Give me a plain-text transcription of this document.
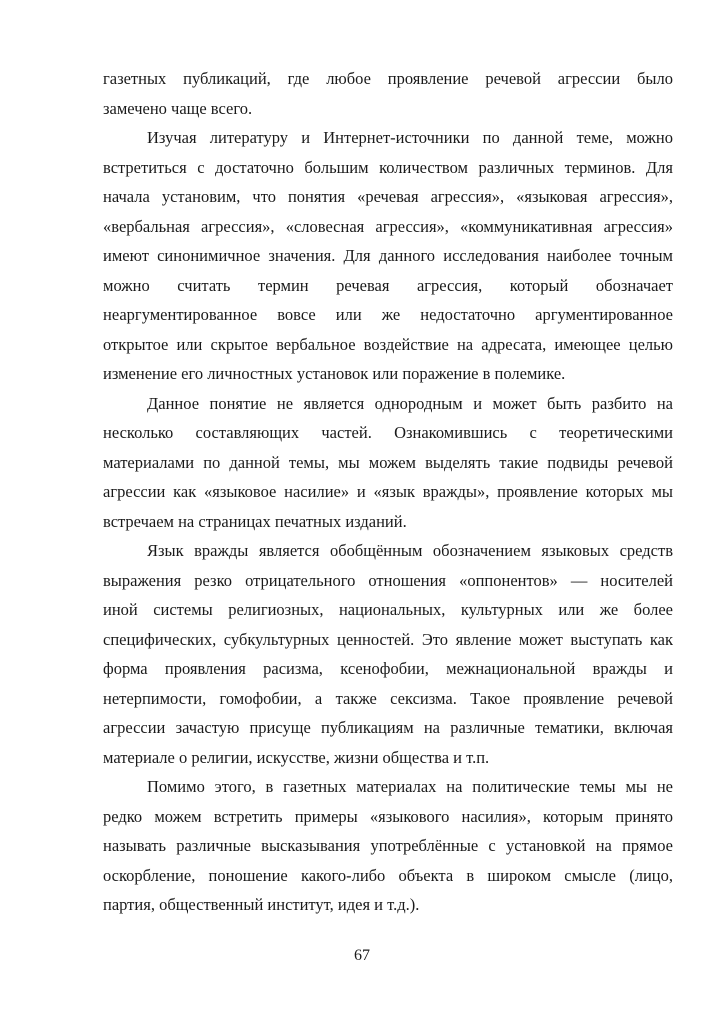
газетных публикаций, где любое проявление речевой агрессии было
замечено чаще всего.
Изучая литературу и Интернет-источники по данной теме, можно
встретиться с достаточно большим количеством различных терминов. Для
начала установим, что понятия «речевая агрессия», «языковая агрессия»,
«вербальная агрессия», «словесная агрессия», «коммуникативная агрессия»
имеют синонимичное значения. Для данного исследования наиболее точным
можно считать термин речевая агрессия, который обозначает
неаргументированное вовсе или же недостаточно аргументированное
открытое или скрытое вербальное воздействие на адресата, имеющее целью
изменение его личностных установок или поражение в полемике.
Данное понятие не является однородным и может быть разбито на
несколько составляющих частей. Ознакомившись с теоретическими
материалами по данной темы, мы можем выделять такие подвиды речевой
агрессии как «языковое насилие» и «язык вражды», проявление которых мы
встречаем на страницах печатных изданий.
Язык вражды является обобщённым обозначением языковых средств
выражения резко отрицательного отношения «оппонентов» — носителей
иной системы религиозных, национальных, культурных или же более
специфических, субкультурных ценностей. Это явление может выступать как
форма проявления расизма, ксенофобии, межнациональной вражды и
нетерпимости, гомофобии, а также сексизма. Такое проявление речевой
агрессии зачастую присуще публикациям на различные тематики, включая
материале о религии, искусстве, жизни общества и т.п.
Помимо этого, в газетных материалах на политические темы мы не
редко можем встретить примеры «языкового насилия», которым принято
называть различные высказывания употреблённые с установкой на прямое
оскорбление, поношение какого-либо объекта в широком смысле (лицо,
партия, общественный институт, идея и т.д.).
67
